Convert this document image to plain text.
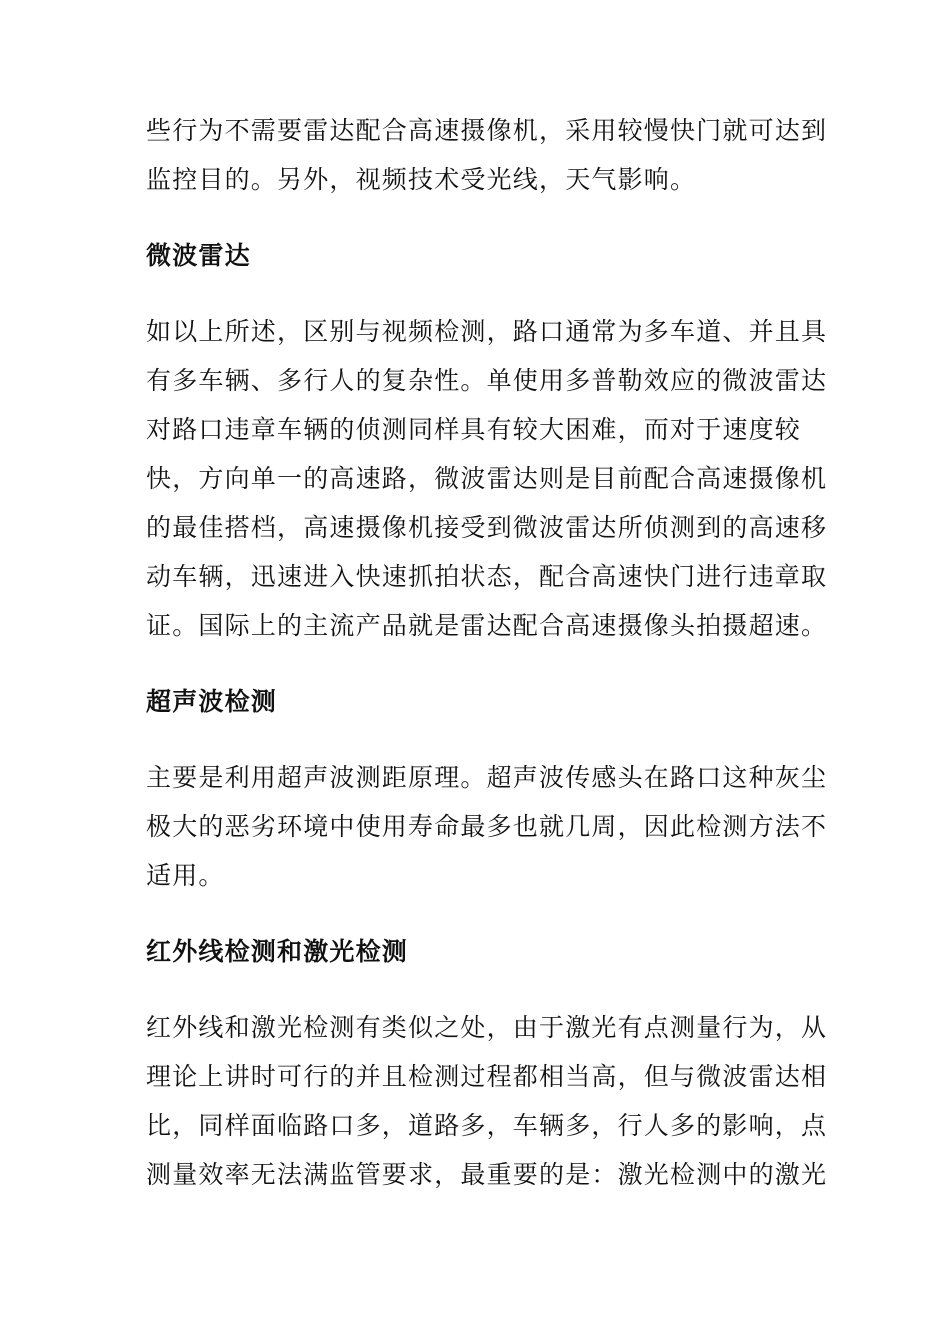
些行为不需要雷达配合高速摄像机，采用较慢快门就可达到
监控目的。另外，视频技术受光线，天气影响。

微波雷达

如以上所述，区别与视频检测，路口通常为多车道、并且具
有多车辆、多行人的复杂性。单使用多普勒效应的微波雷达
对路口违章车辆的侦测同样具有较大困难，而对于速度较
快，方向单一的高速路，微波雷达则是目前配合高速摄像机
的最佳搭档，高速摄像机接受到微波雷达所侦测到的高速移
动车辆，迅速进入快速抓拍状态，配合高速快门进行违章取
证。国际上的主流产品就是雷达配合高速摄像头拍摄超速。

超声波检测

主要是利用超声波测距原理。超声波传感头在路口这种灰尘
极大的恶劣环境中使用寿命最多也就几周，因此检测方法不
适用。

红外线检测和激光检测

红外线和激光检测有类似之处，由于激光有点测量行为，从
理论上讲时可行的并且检测过程都相当高，但与微波雷达相
比，同样面临路口多，道路多，车辆多，行人多的影响，点
测量效率无法满监管要求，最重要的是：激光检测中的激光
